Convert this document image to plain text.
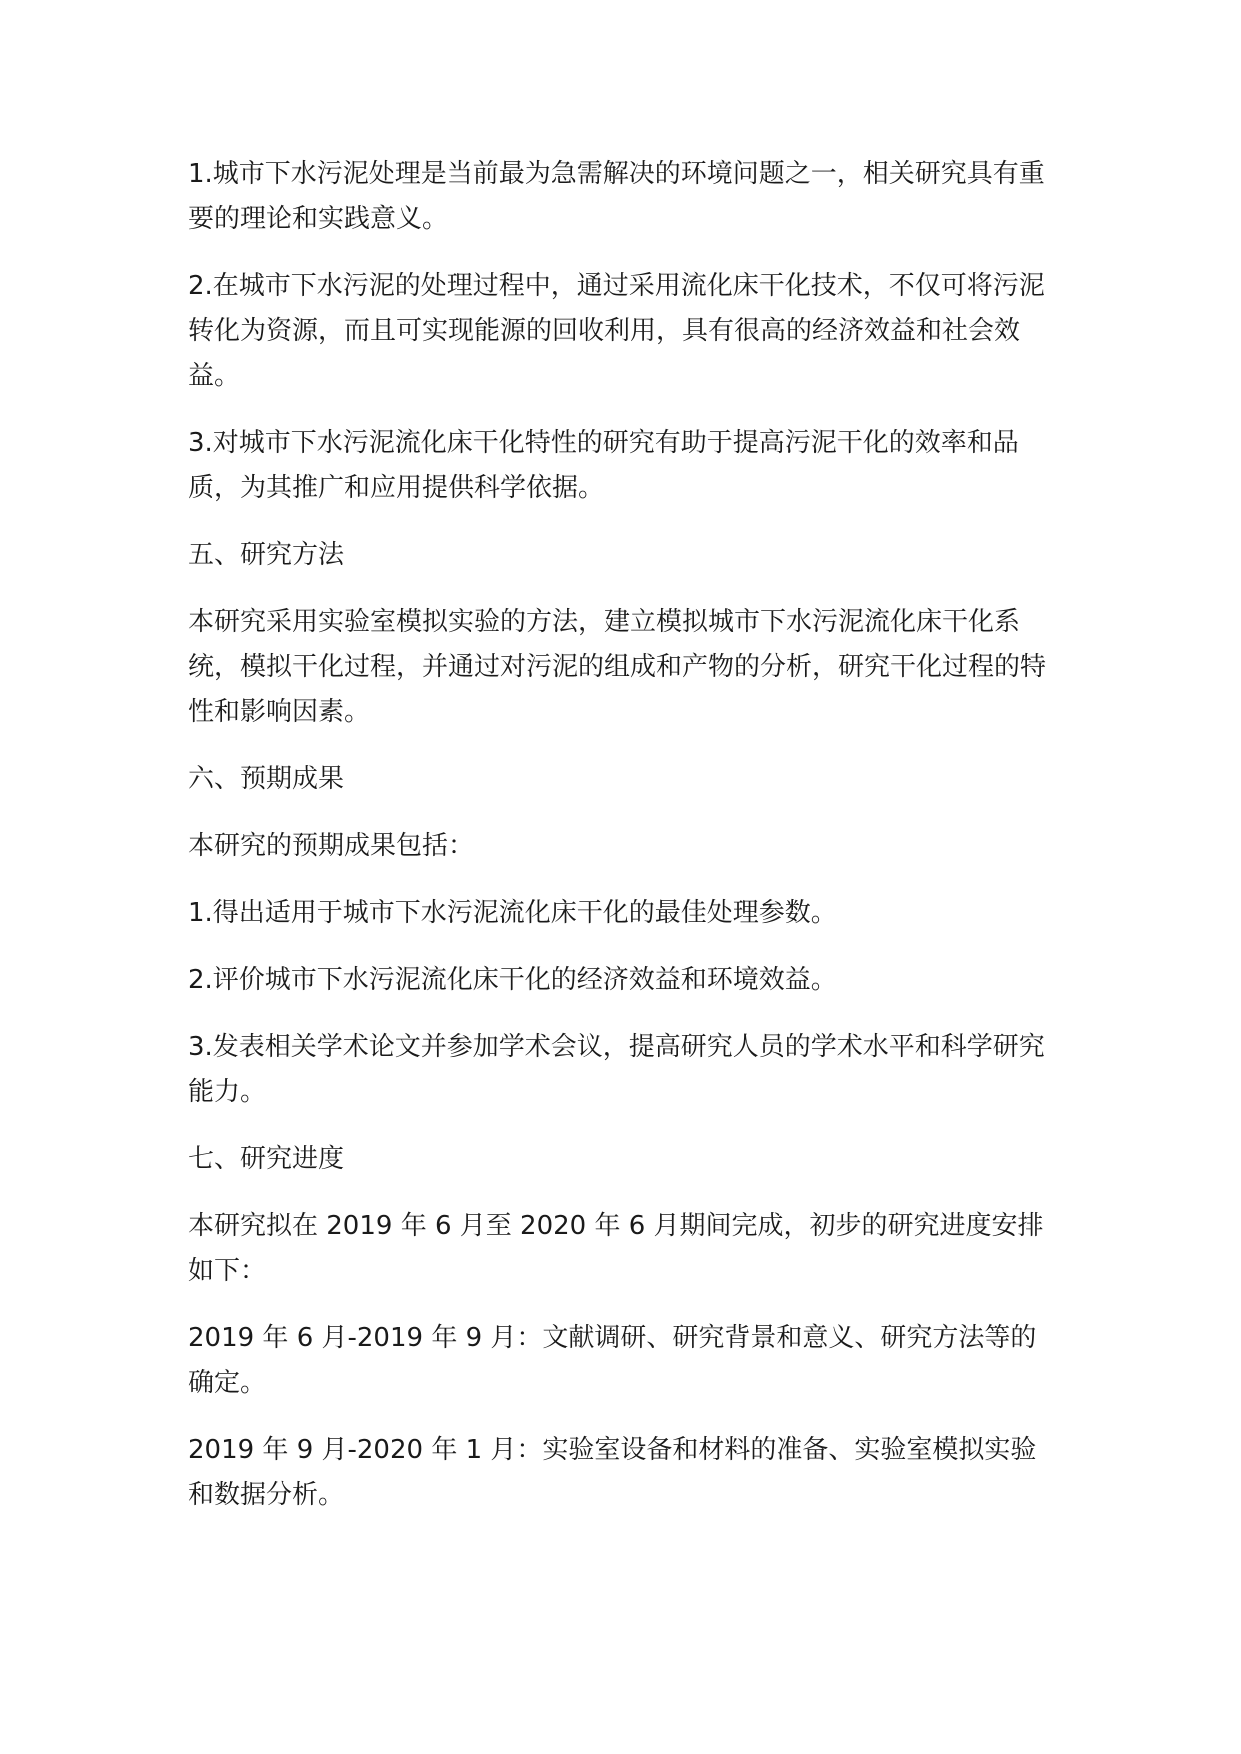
1.城市下水污泥处理是当前最为急需解决的环境问题之一，相关研究具有重要的理论和实践意义。

2.在城市下水污泥的处理过程中，通过采用流化床干化技术，不仅可将污泥转化为资源，而且可实现能源的回收利用，具有很高的经济效益和社会效益。

3.对城市下水污泥流化床干化特性的研究有助于提高污泥干化的效率和品质，为其推广和应用提供科学依据。

五、研究方法

本研究采用实验室模拟实验的方法，建立模拟城市下水污泥流化床干化系统，模拟干化过程，并通过对污泥的组成和产物的分析，研究干化过程的特性和影响因素。

六、预期成果

本研究的预期成果包括：

1.得出适用于城市下水污泥流化床干化的最佳处理参数。

2.评价城市下水污泥流化床干化的经济效益和环境效益。

3.发表相关学术论文并参加学术会议，提高研究人员的学术水平和科学研究能力。

七、研究进度

本研究拟在 2019 年 6 月至 2020 年 6 月期间完成，初步的研究进度安排如下：

2019 年 6 月-2019 年 9 月：文献调研、研究背景和意义、研究方法等的确定。

2019 年 9 月-2020 年 1 月：实验室设备和材料的准备、实验室模拟实验和数据分析。
